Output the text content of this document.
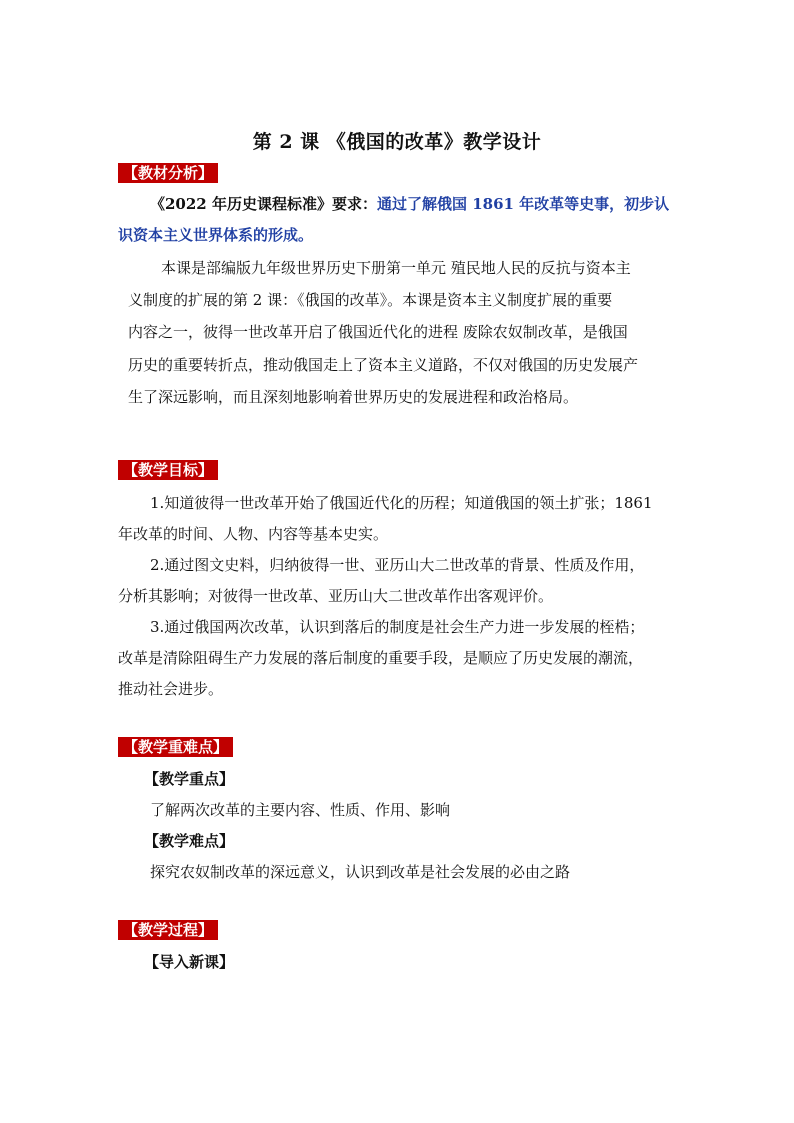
第 2 课 《俄国的改革》教学设计
【教材分析】
《2022 年历史课程标准》要求：通过了解俄国 1861 年改革等史事，初步认
识资本主义世界体系的形成。
本课是部编版九年级世界历史下册第一单元 殖民地人民的反抗与资本主
义制度的扩展的第 2 课：《俄国的改革》。本课是资本主义制度扩展的重要
内容之一，彼得一世改革开启了俄国近代化的进程 废除农奴制改革，是俄国
历史的重要转折点，推动俄国走上了资本主义道路，不仅对俄国的历史发展产
生了深远影响，而且深刻地影响着世界历史的发展进程和政治格局。
【教学目标】
1.知道彼得一世改革开始了俄国近代化的历程；知道俄国的领土扩张；1861
年改革的时间、人物、内容等基本史实。
2.通过图文史料，归纳彼得一世、亚历山大二世改革的背景、性质及作用，
分析其影响；对彼得一世改革、亚历山大二世改革作出客观评价。
3.通过俄国两次改革，认识到落后的制度是社会生产力进一步发展的桎梏；
改革是清除阻碍生产力发展的落后制度的重要手段，是顺应了历史发展的潮流，
推动社会进步。
【教学重难点】
【教学重点】
了解两次改革的主要内容、性质、作用、影响
【教学难点】
探究农奴制改革的深远意义，认识到改革是社会发展的必由之路
【教学过程】
【导入新课】
